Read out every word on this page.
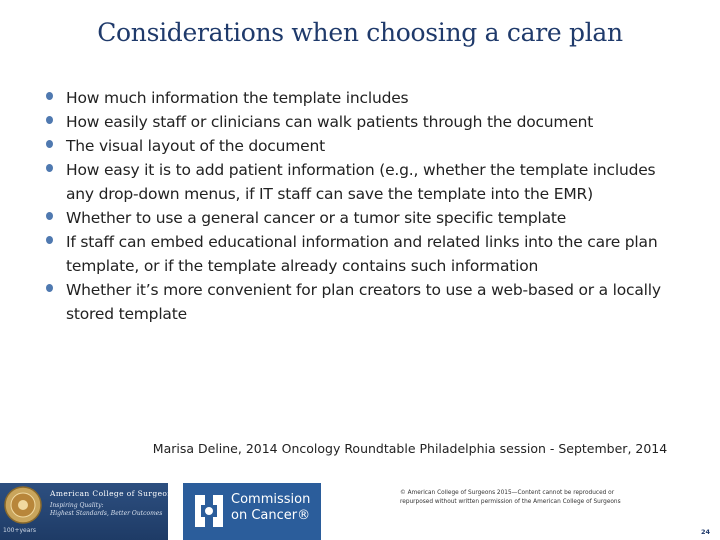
Considerations when choosing a care plan
How much information the template includes
How easily staff or clinicians can walk patients through the document
The visual layout of the document
How easy it is to add patient information (e.g., whether the template includes any drop-down menus, if IT staff can save the template into the EMR)
Whether to use a general cancer or a tumor site specific template
If staff can embed educational information and related links into the care plan template, or if the template already contains such information
Whether it’s more convenient for plan creators to use a web-based or a locally stored template
Marisa Deline, 2014 Oncology Roundtable Philadelphia session - September, 2014
100+years
American College of Surgeons
Inspiring Quality:
Highest Standards, Better Outcomes
Commission
on Cancer®
© American College of Surgeons 2015—Content cannot be reproduced or
repurposed without written permission of the American College of Surgeons
24
